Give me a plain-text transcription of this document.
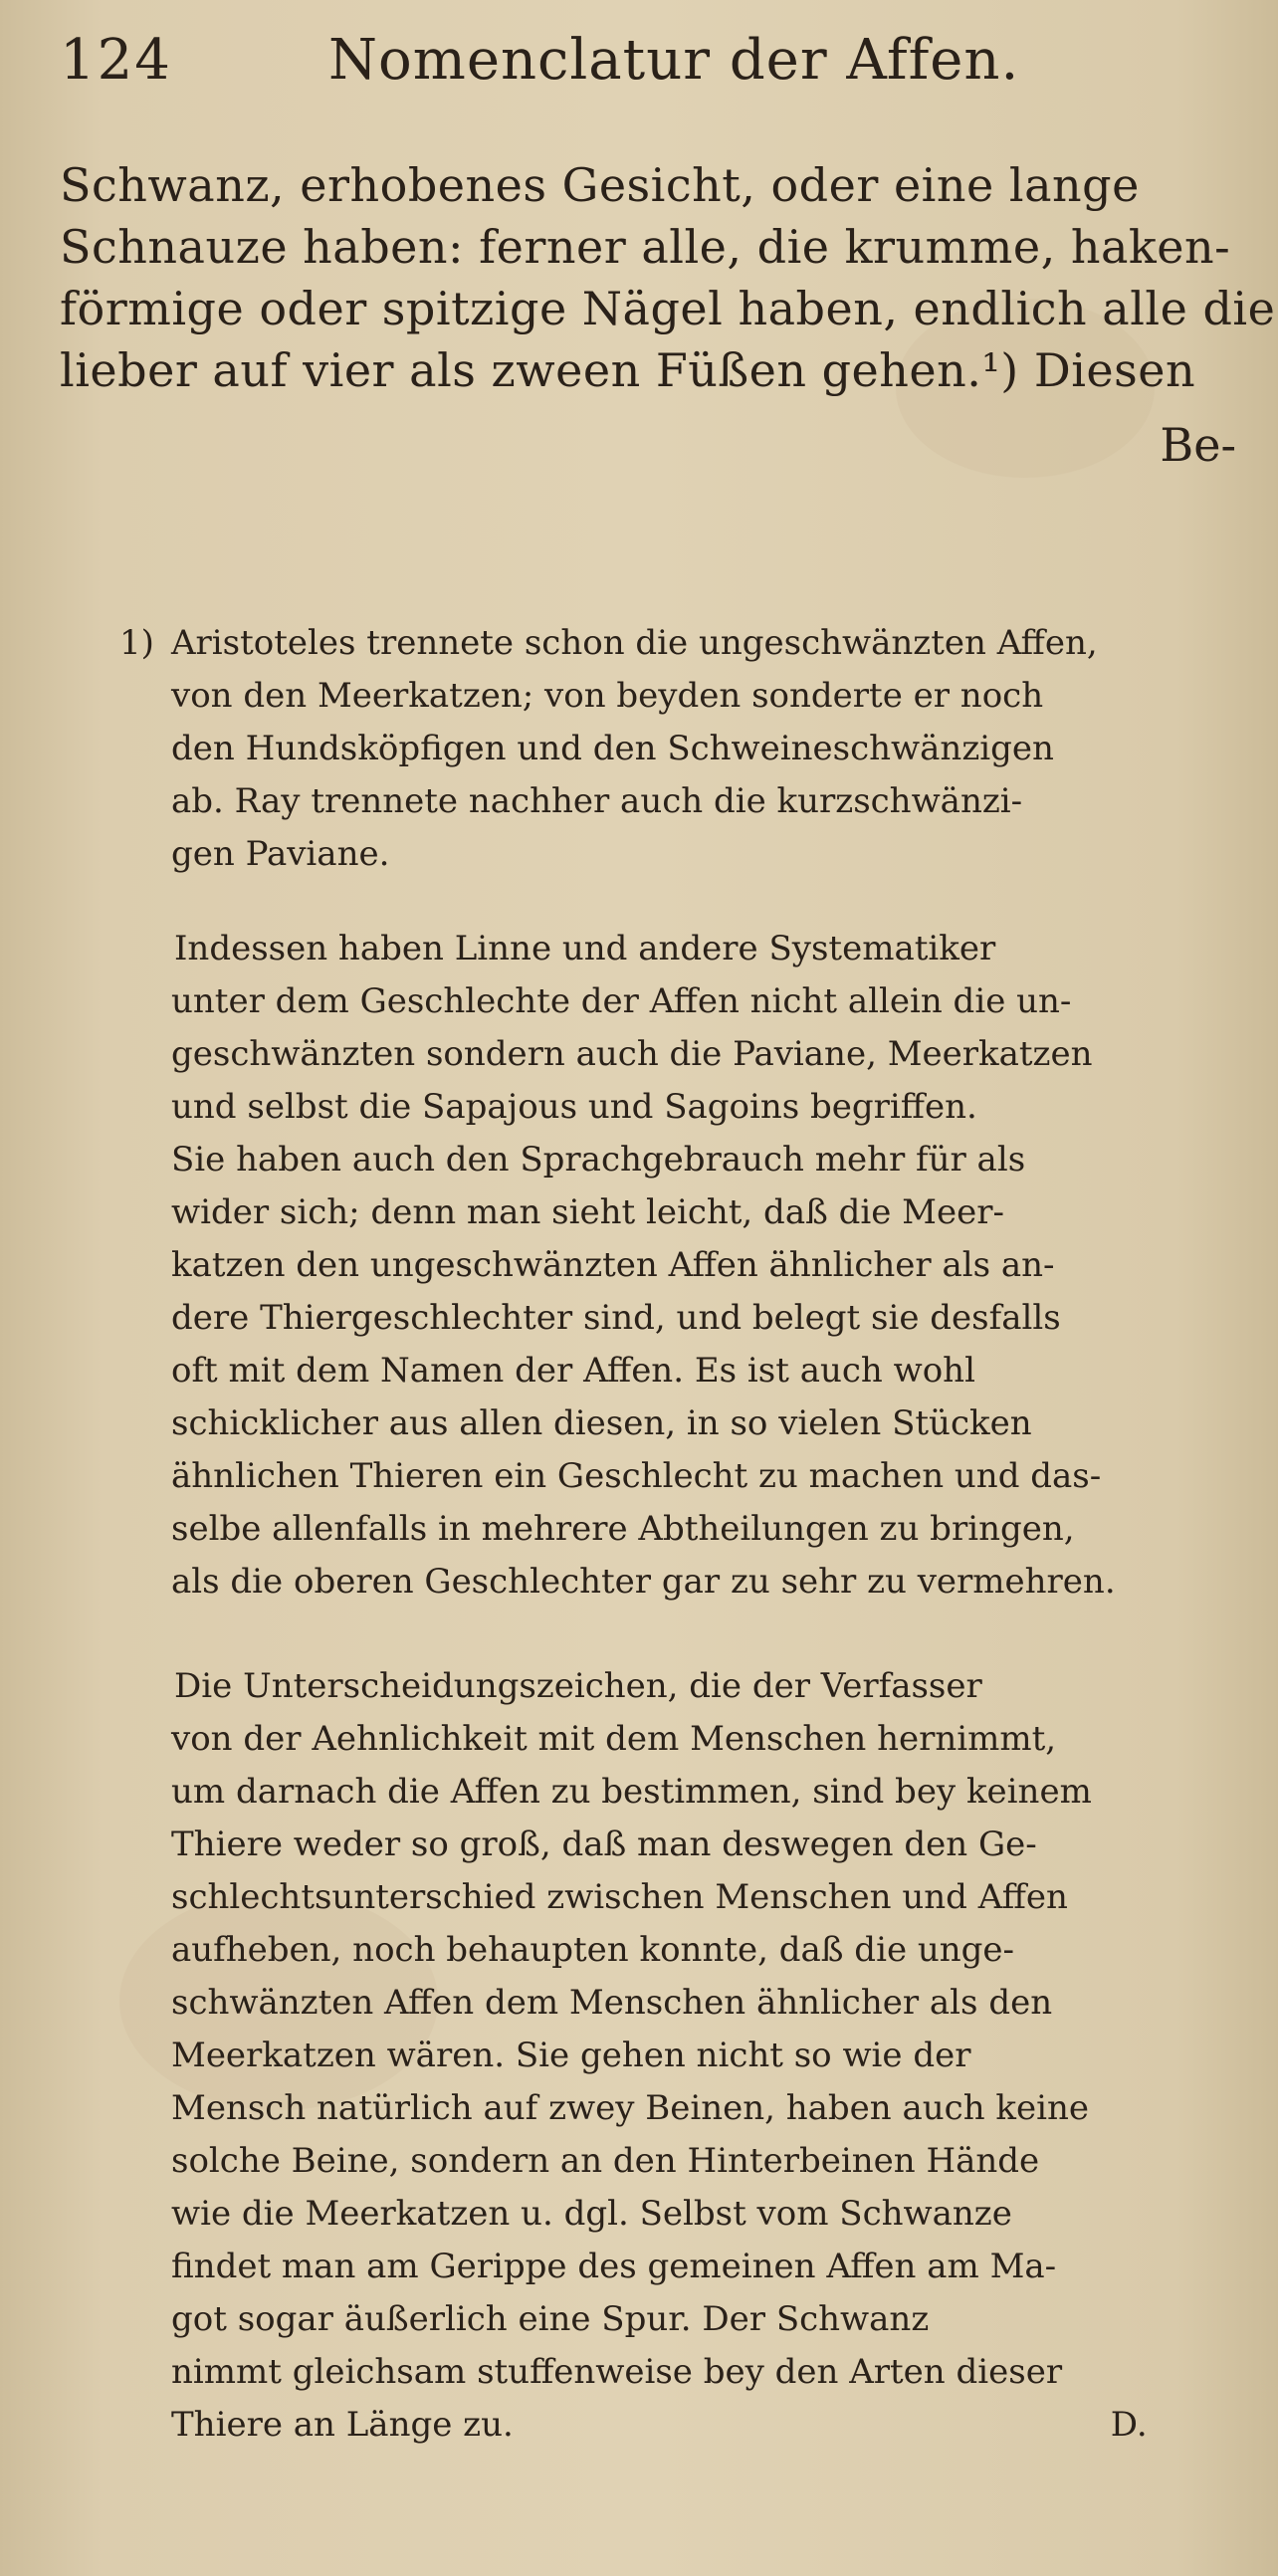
124	Nomenclatur der Affen.
Schwanz, erhobenes Gesicht, oder eine lange
Schnauze haben: ferner alle, die krumme, haken-
förmige oder spitzige Nägel haben, endlich alle die
lieber auf vier als zween Füßen gehen.¹) Diesen
Be-
1) Aristoteles trennete schon die ungeschwänzten Affen,
von den Meerkatzen; von beyden sonderte er noch
den Hundsköpfigen und den Schweineschwänzigen
ab. Ray trennete nachher auch die kurzschwänzi-
gen Paviane.
Indessen haben Linne und andere Systematiker
unter dem Geschlechte der Affen nicht allein die un-
geschwänzten sondern auch die Paviane, Meerkatzen
und selbst die Sapajous und Sagoins begriffen.
Sie haben auch den Sprachgebrauch mehr für als
wider sich; denn man sieht leicht, daß die Meer-
katzen den ungeschwänzten Affen ähnlicher als an-
dere Thiergeschlechter sind, und belegt sie desfalls
oft mit dem Namen der Affen. Es ist auch wohl
schicklicher aus allen diesen, in so vielen Stücken
ähnlichen Thieren ein Geschlecht zu machen und das-
selbe allenfalls in mehrere Abtheilungen zu bringen,
als die oberen Geschlechter gar zu sehr zu vermehren.
Die Unterscheidungszeichen, die der Verfasser
von der Aehnlichkeit mit dem Menschen hernimmt,
um darnach die Affen zu bestimmen, sind bey keinem
Thiere weder so groß, daß man deswegen den Ge-
schlechtsunterschied zwischen Menschen und Affen
aufheben, noch behaupten konnte, daß die unge-
schwänzten Affen dem Menschen ähnlicher als den
Meerkatzen wären. Sie gehen nicht so wie der
Mensch natürlich auf zwey Beinen, haben auch keine
solche Beine, sondern an den Hinterbeinen Hände
wie die Meerkatzen u. dgl. Selbst vom Schwanze
findet man am Gerippe des gemeinen Affen am Ma-
got sogar äußerlich eine Spur. Der Schwanz
nimmt gleichsam stuffenweise bey den Arten dieser
Thiere an Länge zu.	D.
